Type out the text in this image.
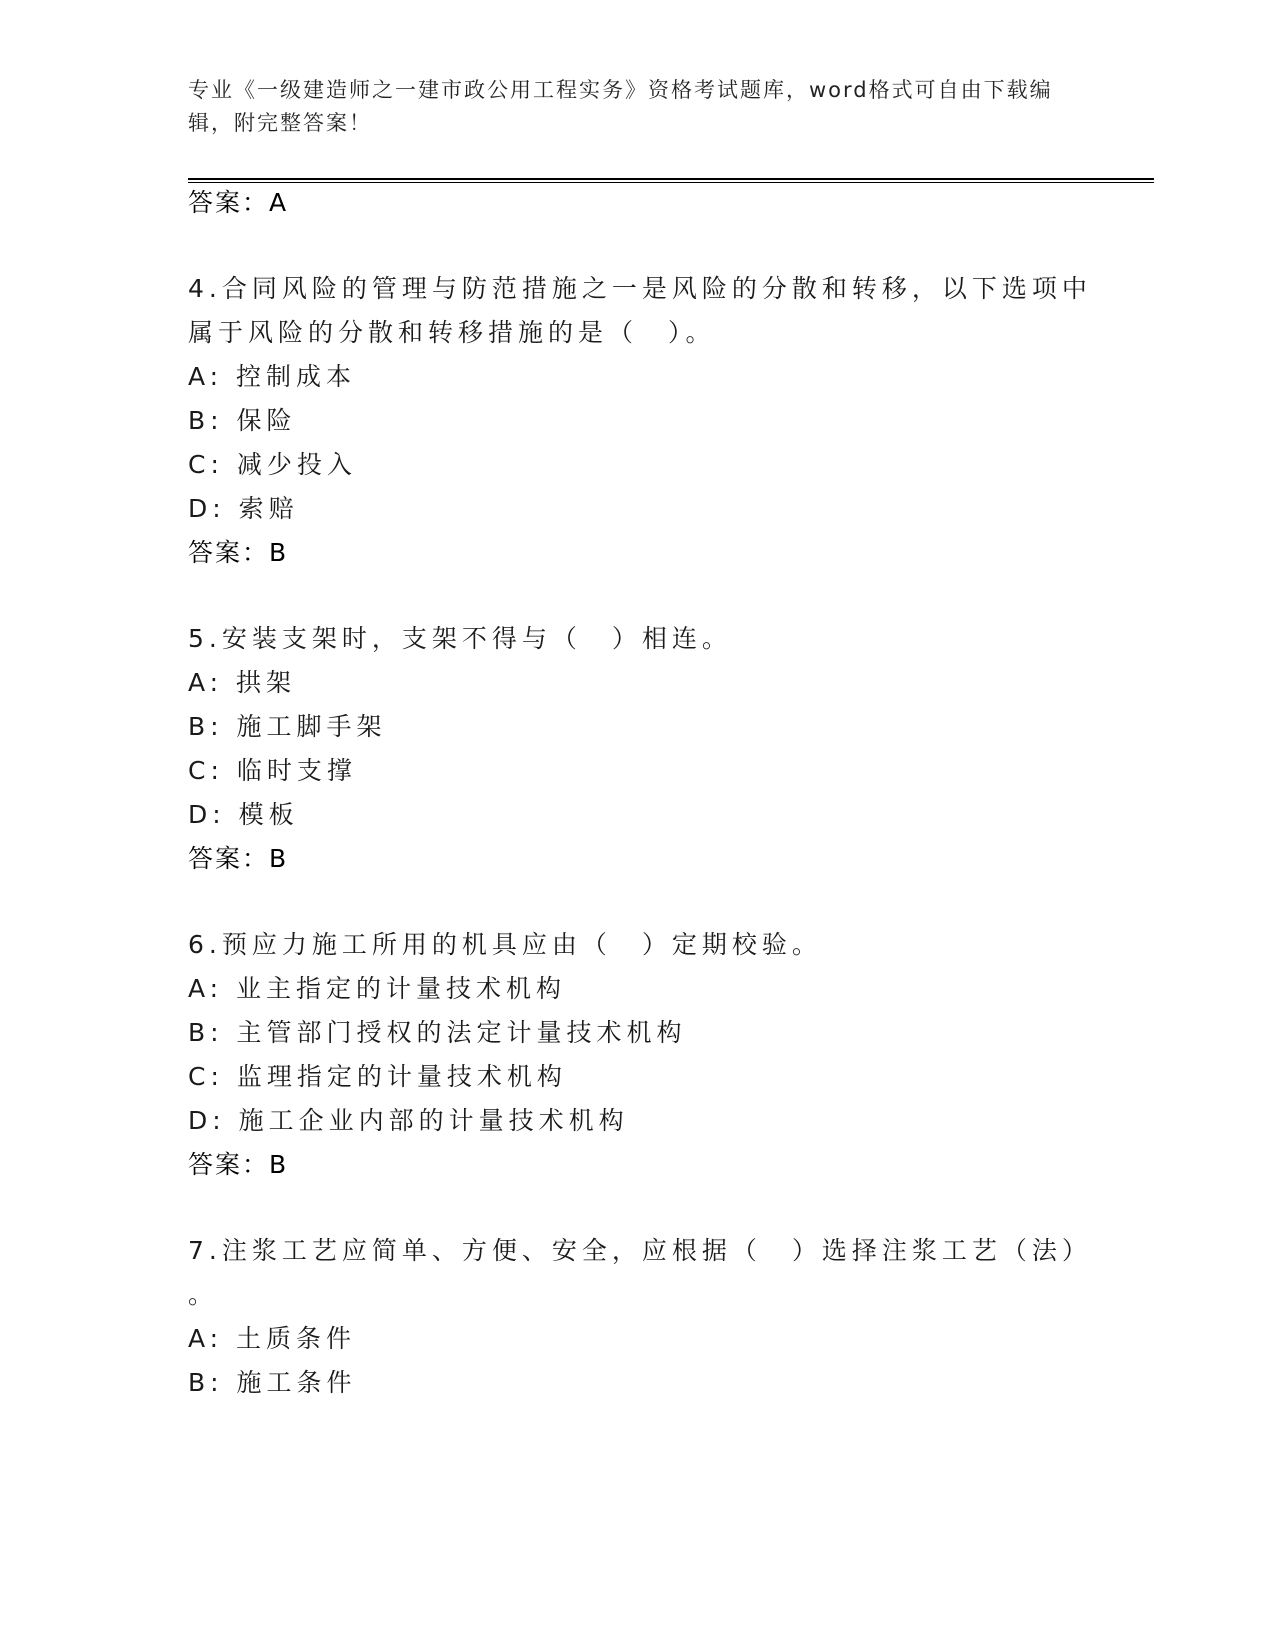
专业《一级建造师之一建市政公用工程实务》资格考试题库，word格式可自由下载编辑，附完整答案！
答案：A
4.合同风险的管理与防范措施之一是风险的分散和转移，以下选项中
属于风险的分散和转移措施的是（　）。
A: 控制成本
B: 保险
C: 减少投入
D: 索赔
答案：B
5.安装支架时，支架不得与（　）相连。
A: 拱架
B: 施工脚手架
C: 临时支撑
D: 模板
答案：B
6.预应力施工所用的机具应由（　）定期校验。
A: 业主指定的计量技术机构
B: 主管部门授权的法定计量技术机构
C: 监理指定的计量技术机构
D: 施工企业内部的计量技术机构
答案：B
7.注浆工艺应简单、方便、安全，应根据（　）选择注浆工艺（法）
。
A: 土质条件
B: 施工条件
